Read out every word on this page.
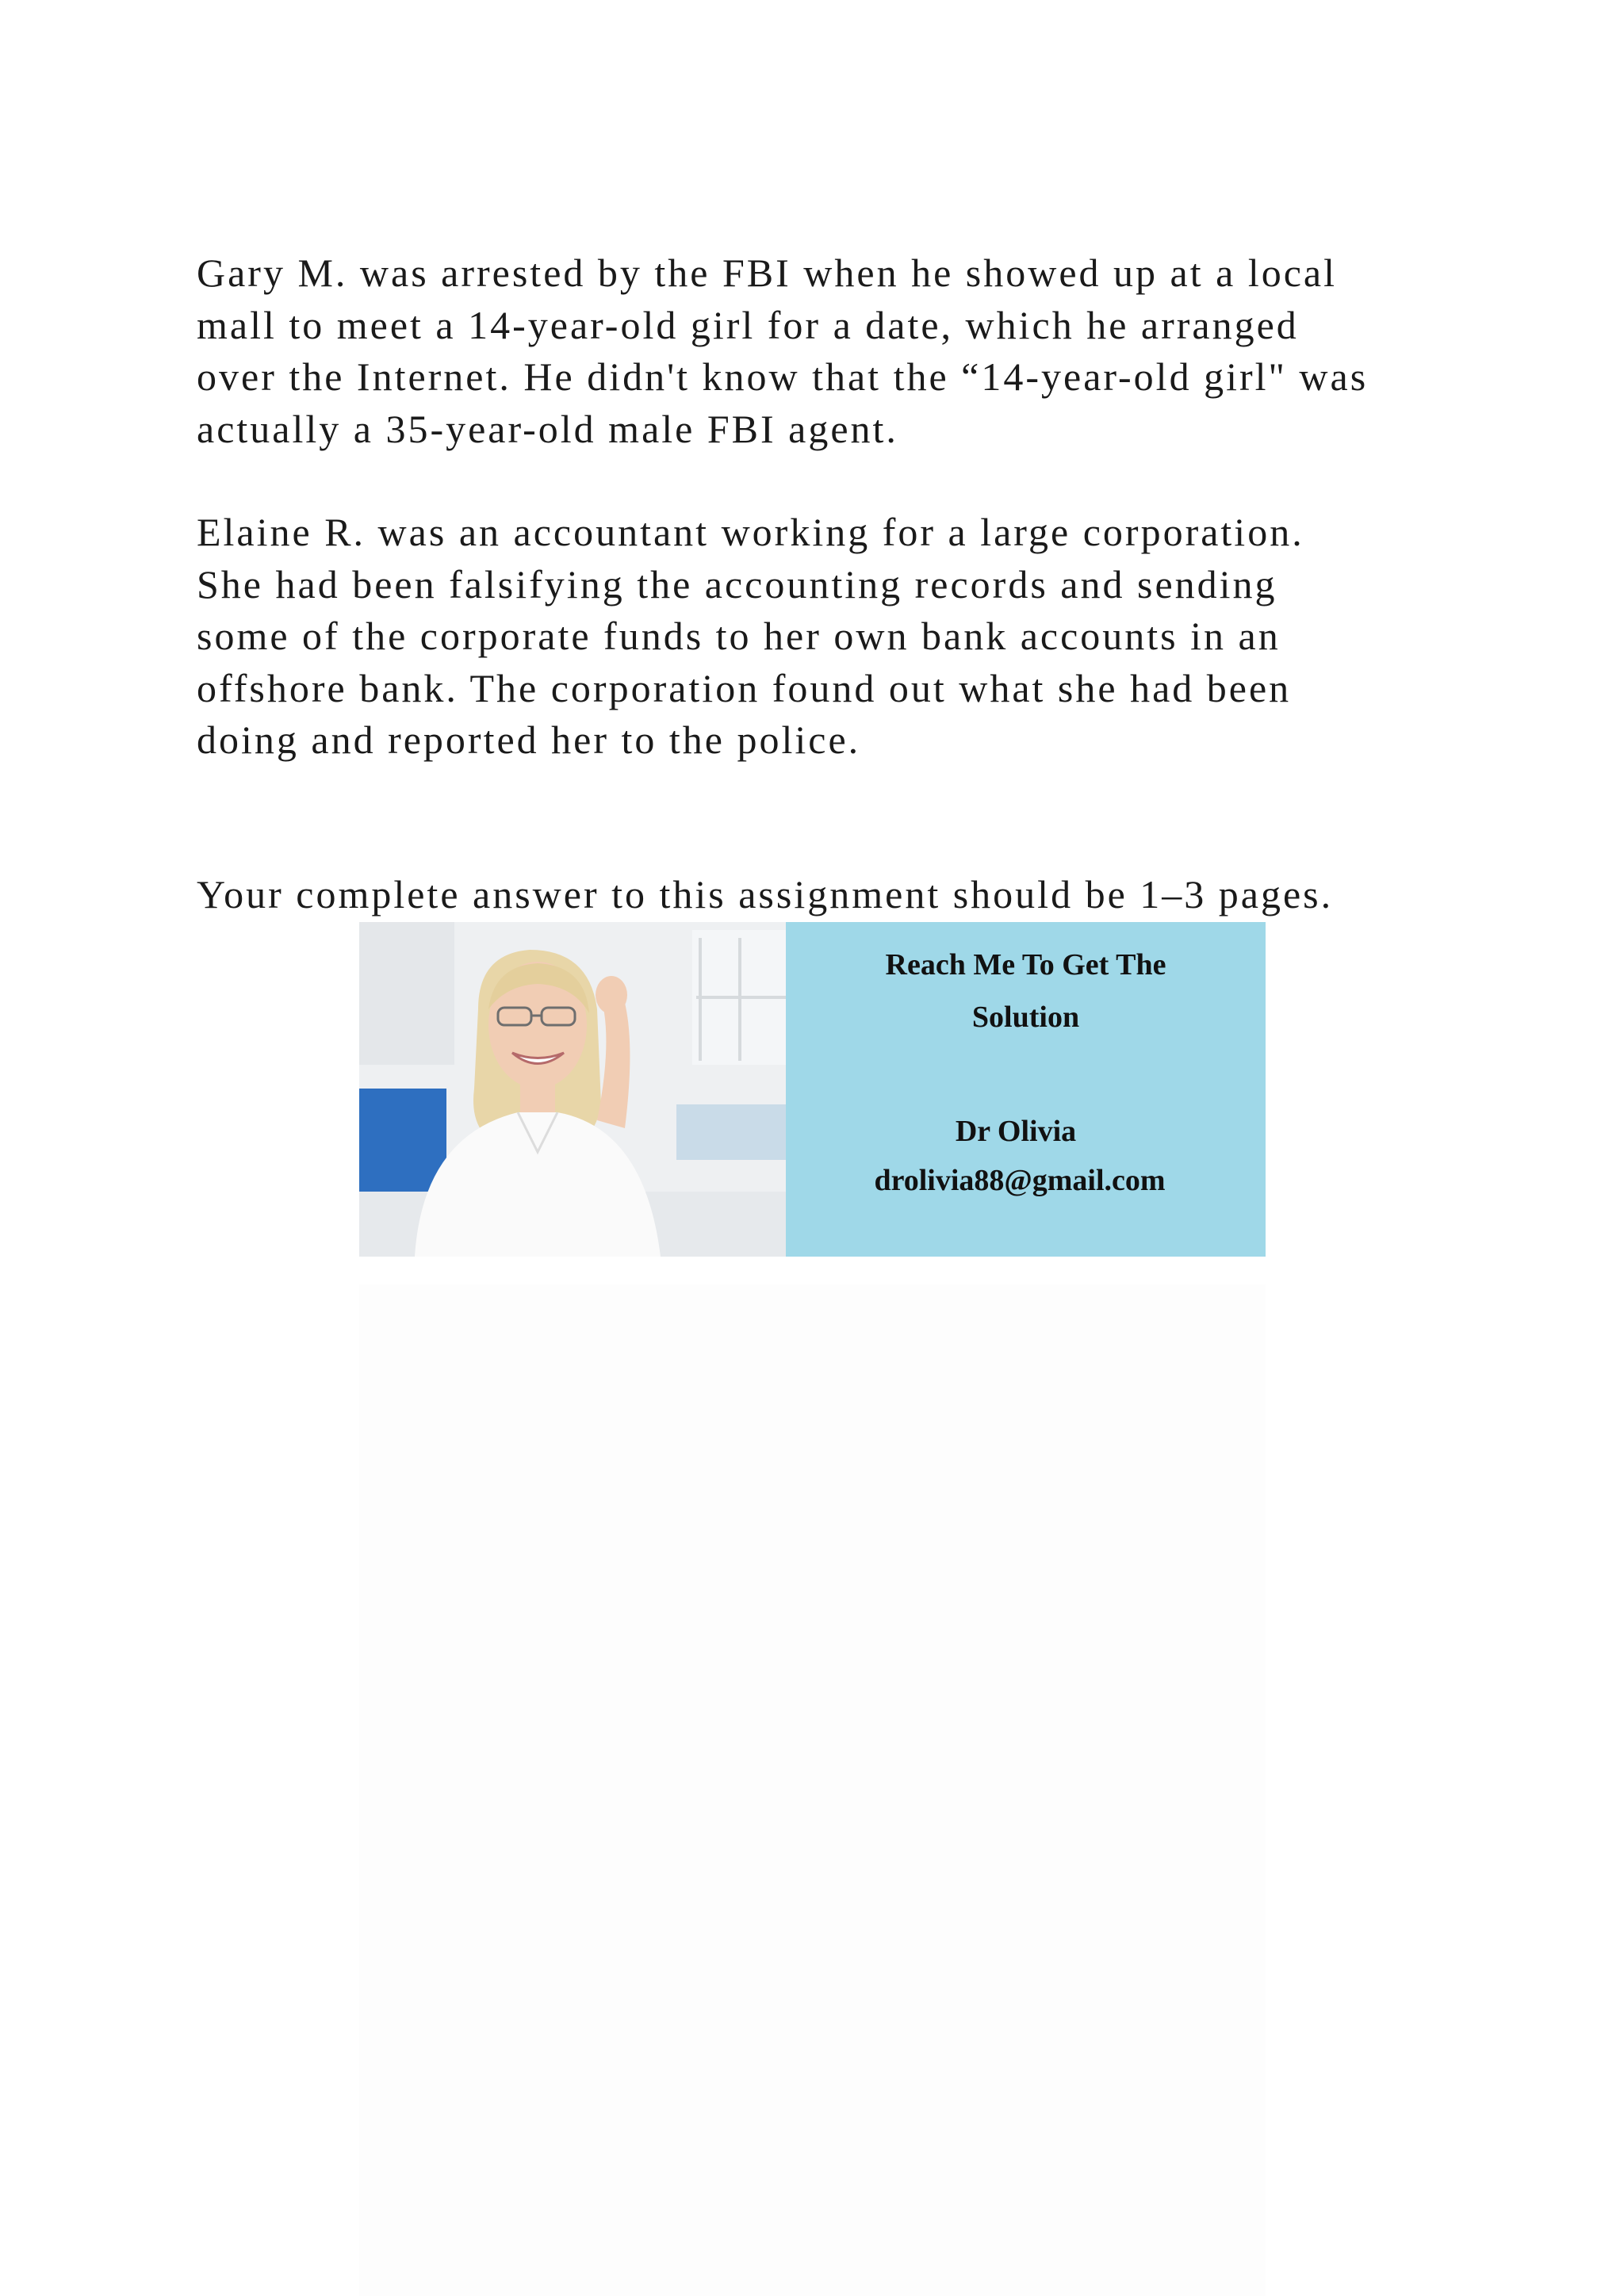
Gary M. was arrested by the FBI when he showed up at a local
mall to meet a 14-year-old girl for a date, which he arranged
over the Internet. He didn't know that the “14-year-old girl" was
actually a 35-year-old male FBI agent.

Elaine R. was an accountant working for a large corporation.
She had been falsifying the accounting records and sending
some of the corporate funds to her own bank accounts in an
offshore bank. The corporation found out what she had been
doing and reported her to the police.

Your complete answer to this assignment should be 1–3 pages.

Reach Me To Get The

Solution

Dr Olivia

drolivia88@gmail.com
